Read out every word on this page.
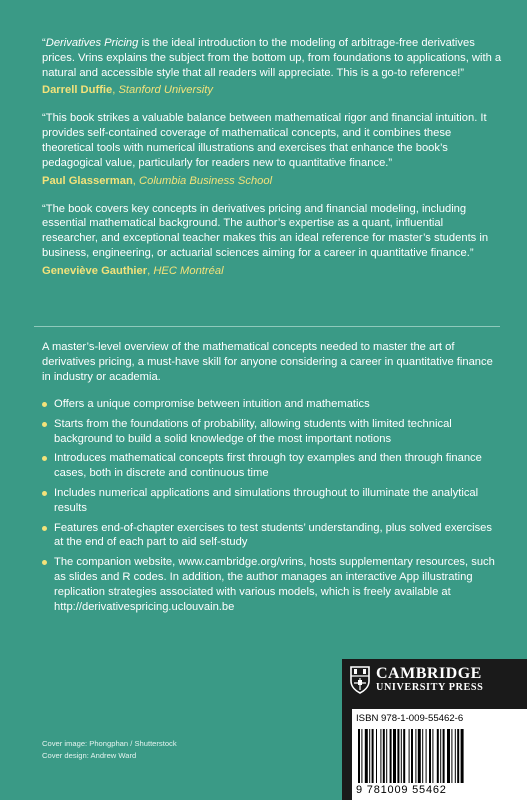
“Derivatives Pricing is the ideal introduction to the modeling of arbitrage-free derivatives prices. Vrins explains the subject from the bottom up, from foundations to applications, with a natural and accessible style that all readers will appreciate. This is a go-to reference!”
Darrell Duffie, Stanford University
“This book strikes a valuable balance between mathematical rigor and financial intuition. It provides self-contained coverage of mathematical concepts, and it combines these theoretical tools with numerical illustrations and exercises that enhance the book’s pedagogical value, particularly for readers new to quantitative finance.”
Paul Glasserman, Columbia Business School
“The book covers key concepts in derivatives pricing and financial modeling, including essential mathematical background. The author’s expertise as a quant, influential researcher, and exceptional teacher makes this an ideal reference for master’s students in business, engineering, or actuarial sciences aiming for a career in quantitative finance.”
Geneviève Gauthier, HEC Montréal
A master’s-level overview of the mathematical concepts needed to master the art of derivatives pricing, a must-have skill for anyone considering a career in quantitative finance in industry or academia.
Offers a unique compromise between intuition and mathematics
Starts from the foundations of probability, allowing students with limited technical background to build a solid knowledge of the most important notions
Introduces mathematical concepts first through toy examples and then through finance cases, both in discrete and continuous time
Includes numerical applications and simulations throughout to illuminate the analytical results
Features end-of-chapter exercises to test students’ understanding, plus solved exercises at the end of each part to aid self-study
The companion website, www.cambridge.org/vrins, hosts supplementary resources, such as slides and R codes. In addition, the author manages an interactive App illustrating replication strategies associated with various models, which is freely available at http://derivativespricing.uclouvain.be
Cover image: Phongphan / Shutterstock
Cover design: Andrew Ward
CAMBRIDGE
UNIVERSITY PRESS
ISBN 978-1-009-55462-6
9 781009 55462
